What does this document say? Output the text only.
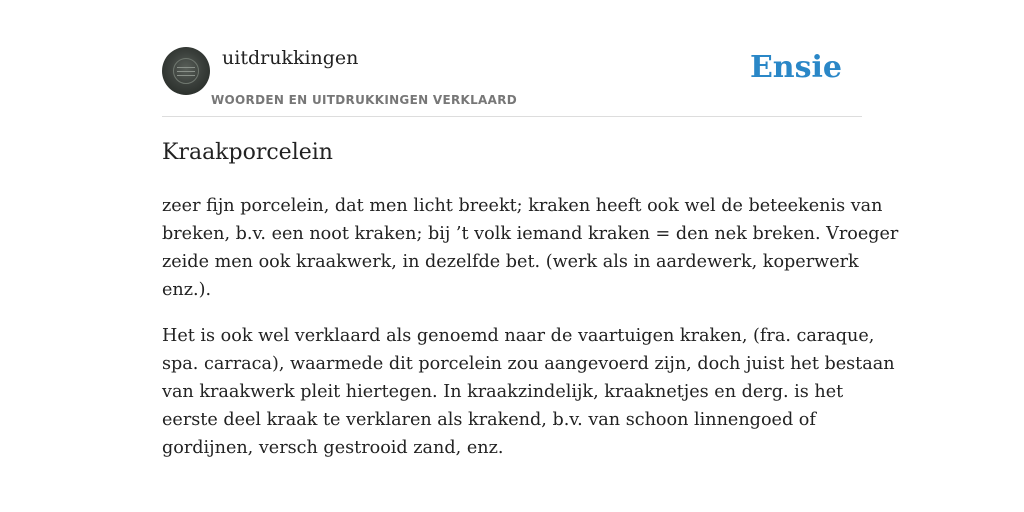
uitdrukkingen
WOORDEN EN UITDRUKKINGEN VERKLAARD
Ensie
Kraakporcelein

zeer fijn porcelein, dat men licht breekt; kraken heeft ook wel de beteekenis van
breken, b.v. een noot kraken; bij ’t volk iemand kraken = den nek breken. Vroeger
zeide men ook kraakwerk, in dezelfde bet. (werk als in aardewerk, koperwerk
enz.).

Het is ook wel verklaard als genoemd naar de vaartuigen kraken, (fra. caraque,
spa. carraca), waarmede dit porcelein zou aangevoerd zijn, doch juist het bestaan
van kraakwerk pleit hiertegen. In kraakzindelijk, kraaknetjes en derg. is het
eerste deel kraak te verklaren als krakend, b.v. van schoon linnengoed of
gordijnen, versch gestrooid zand, enz.
